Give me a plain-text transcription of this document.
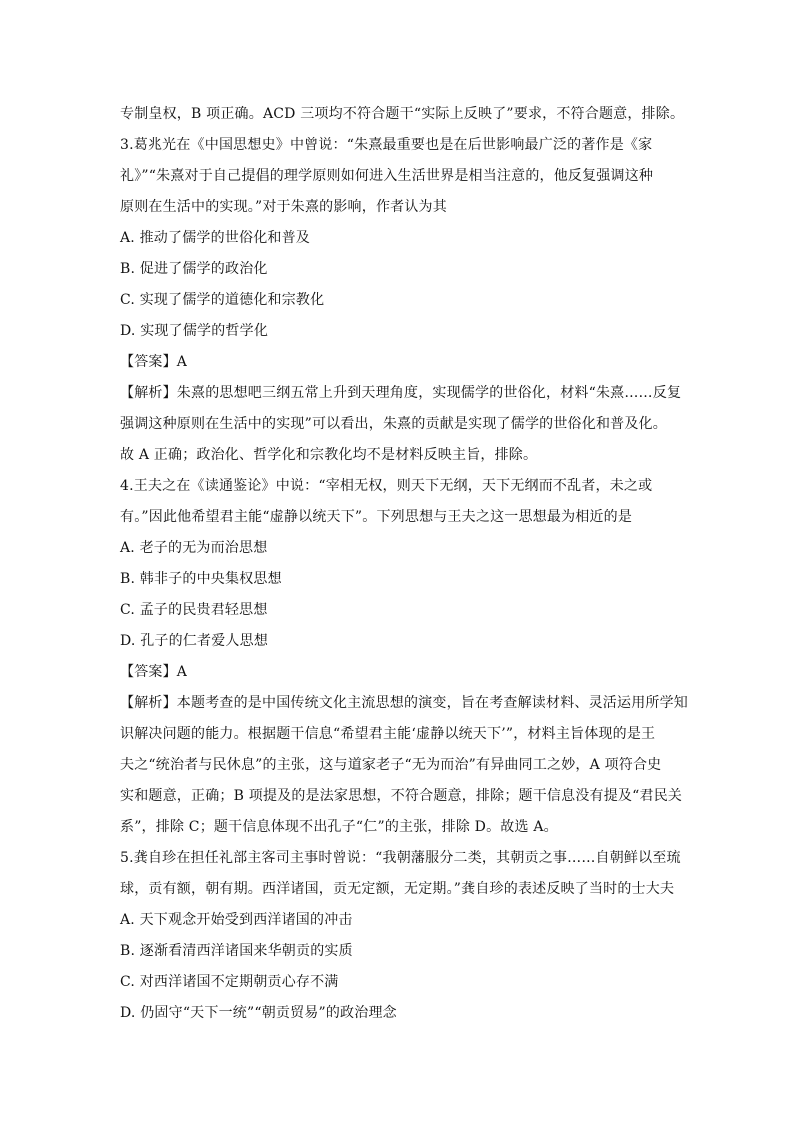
专制皇权，B 项正确。ACD 三项均不符合题干“实际上反映了”要求，不符合题意，排除。
3.葛兆光在《中国思想史》中曾说：“朱熹最重要也是在后世影响最广泛的著作是《家
礼》”“朱熹对于自己提倡的理学原则如何进入生活世界是相当注意的，他反复强调这种
原则在生活中的实现。”对于朱熹的影响，作者认为其
A. 推动了儒学的世俗化和普及
B. 促进了儒学的政治化
C. 实现了儒学的道德化和宗教化
D. 实现了儒学的哲学化
【答案】A
【解析】朱熹的思想吧三纲五常上升到天理角度，实现儒学的世俗化，材料“朱熹……反复
强调这种原则在生活中的实现”可以看出，朱熹的贡献是实现了儒学的世俗化和普及化。
故 A 正确；政治化、哲学化和宗教化均不是材料反映主旨，排除。
4.王夫之在《读通鉴论》中说：“宰相无权，则天下无纲，天下无纲而不乱者，未之或
有。”因此他希望君主能“虚静以统天下”。下列思想与王夫之这一思想最为相近的是
A. 老子的无为而治思想
B. 韩非子的中央集权思想
C. 孟子的民贵君轻思想
D. 孔子的仁者爱人思想
【答案】A
【解析】本题考查的是中国传统文化主流思想的演变，旨在考查解读材料、灵活运用所学知
识解决问题的能力。根据题干信息“希望君主能‘虚静以统天下’”，材料主旨体现的是王
夫之“统治者与民休息”的主张，这与道家老子“无为而治”有异曲同工之妙，A 项符合史
实和题意，正确；B 项提及的是法家思想，不符合题意，排除；题干信息没有提及“君民关
系”，排除 C；题干信息体现不出孔子“仁”的主张，排除 D。故选 A。
5.龚自珍在担任礼部主客司主事时曾说：“我朝藩服分二类，其朝贡之事……自朝鲜以至琉
球，贡有额，朝有期。西洋诸国，贡无定额，无定期。”龚自珍的表述反映了当时的士大夫
A. 天下观念开始受到西洋诸国的冲击
B. 逐渐看清西洋诸国来华朝贡的实质
C. 对西洋诸国不定期朝贡心存不满
D. 仍固守“天下一统”“朝贡贸易”的政治理念
